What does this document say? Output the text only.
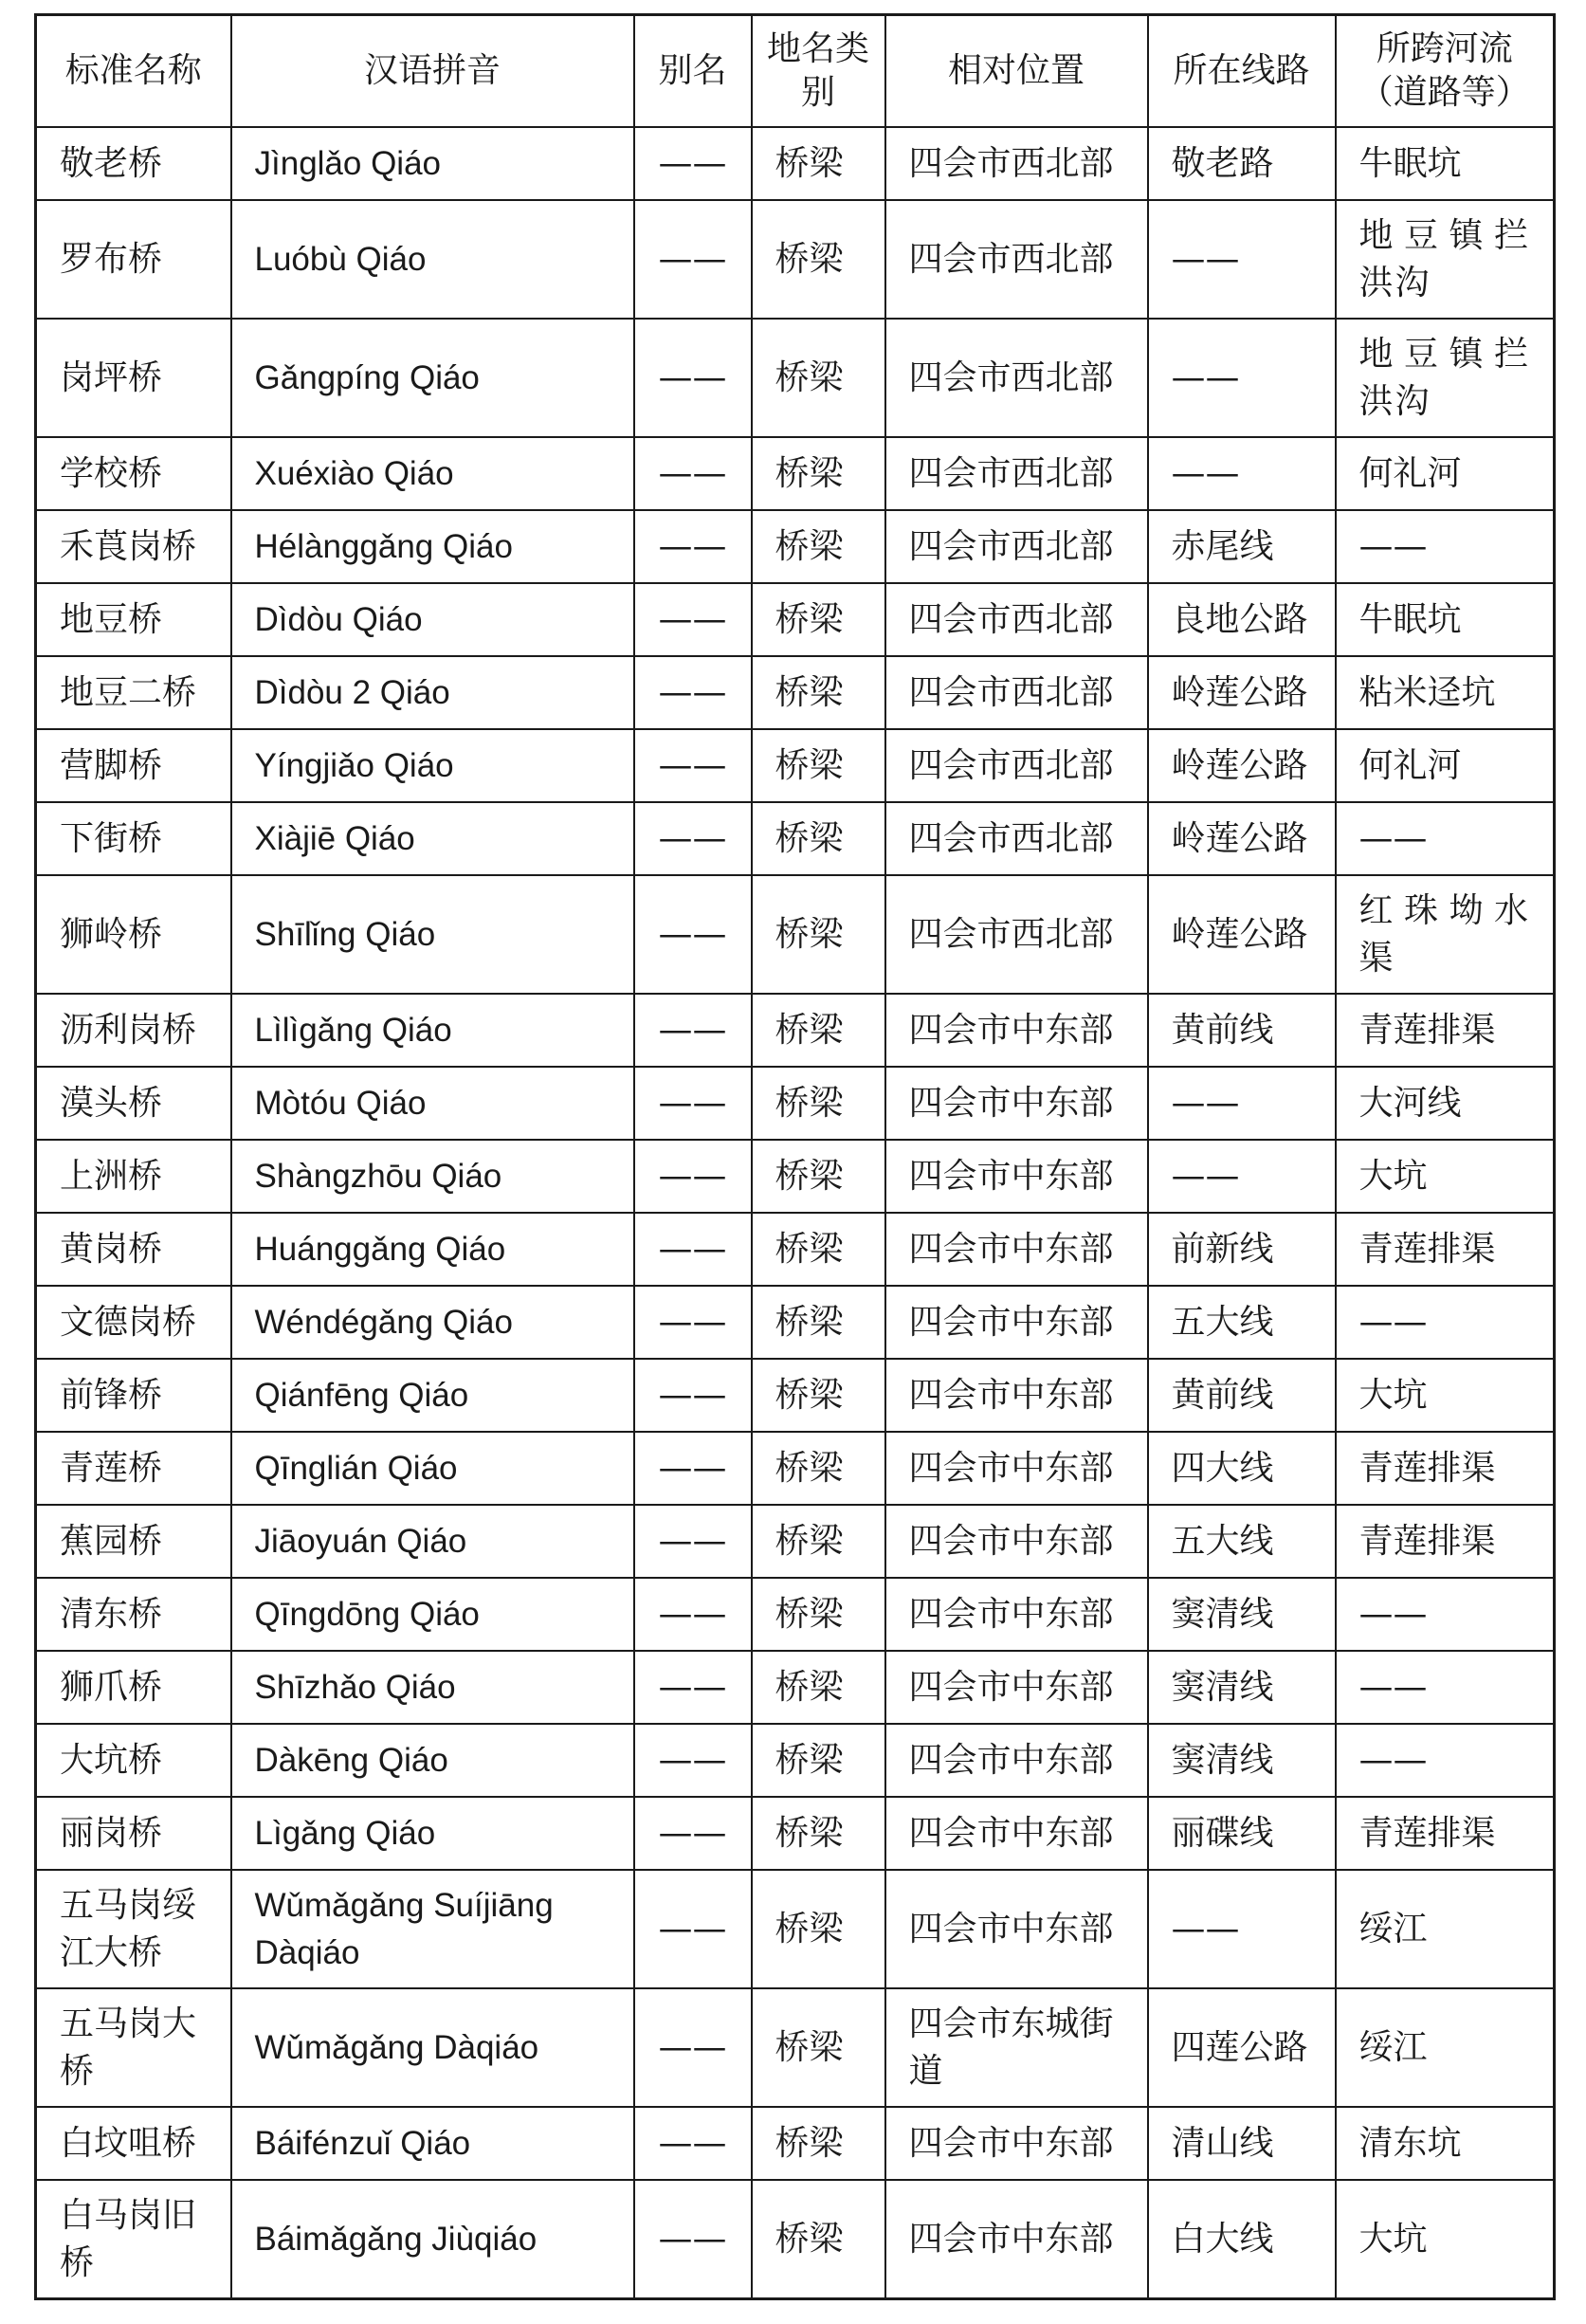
标准名称	汉语拼音	别名	地名类别	相对位置	所在线路	所跨河流（道路等）
敬老桥	Jìnglǎo Qiáo	——	桥梁	四会市西北部	敬老路	牛眠坑
罗布桥	Luóbù Qiáo	——	桥梁	四会市西北部	——	地豆镇拦洪沟
岗坪桥	Gǎngpíng Qiáo	——	桥梁	四会市西北部	——	地豆镇拦洪沟
学校桥	Xuéxiào Qiáo	——	桥梁	四会市西北部	——	何礼河
禾莨岗桥	Hélànggǎng Qiáo	——	桥梁	四会市西北部	赤尾线	——
地豆桥	Dìdòu Qiáo	——	桥梁	四会市西北部	良地公路	牛眠坑
地豆二桥	Dìdòu 2 Qiáo	——	桥梁	四会市西北部	岭莲公路	粘米迳坑
营脚桥	Yíngjiǎo Qiáo	——	桥梁	四会市西北部	岭莲公路	何礼河
下街桥	Xiàjiē Qiáo	——	桥梁	四会市西北部	岭莲公路	——
狮岭桥	Shīlǐng Qiáo	——	桥梁	四会市西北部	岭莲公路	红珠坳水渠
沥利岗桥	Lìlìgǎng Qiáo	——	桥梁	四会市中东部	黄前线	青莲排渠
漠头桥	Mòtóu Qiáo	——	桥梁	四会市中东部	——	大河线
上洲桥	Shàngzhōu Qiáo	——	桥梁	四会市中东部	——	大坑
黄岗桥	Huánggǎng Qiáo	——	桥梁	四会市中东部	前新线	青莲排渠
文德岗桥	Wéndégǎng Qiáo	——	桥梁	四会市中东部	五大线	——
前锋桥	Qiánfēng Qiáo	——	桥梁	四会市中东部	黄前线	大坑
青莲桥	Qīnglián Qiáo	——	桥梁	四会市中东部	四大线	青莲排渠
蕉园桥	Jiāoyuán Qiáo	——	桥梁	四会市中东部	五大线	青莲排渠
清东桥	Qīngdōng Qiáo	——	桥梁	四会市中东部	窦清线	——
狮爪桥	Shīzhǎo Qiáo	——	桥梁	四会市中东部	窦清线	——
大坑桥	Dàkēng Qiáo	——	桥梁	四会市中东部	窦清线	——
丽岗桥	Lìgǎng Qiáo	——	桥梁	四会市中东部	丽碟线	青莲排渠
五马岗绥江大桥	Wǔmǎgǎng Suíjiāng Dàqiáo	——	桥梁	四会市中东部	——	绥江
五马岗大桥	Wǔmǎgǎng Dàqiáo	——	桥梁	四会市东城街道	四莲公路	绥江
白坟咀桥	Báifénzuǐ Qiáo	——	桥梁	四会市中东部	清山线	清东坑
白马岗旧桥	Báimǎgǎng Jiùqiáo	——	桥梁	四会市中东部	白大线	大坑
